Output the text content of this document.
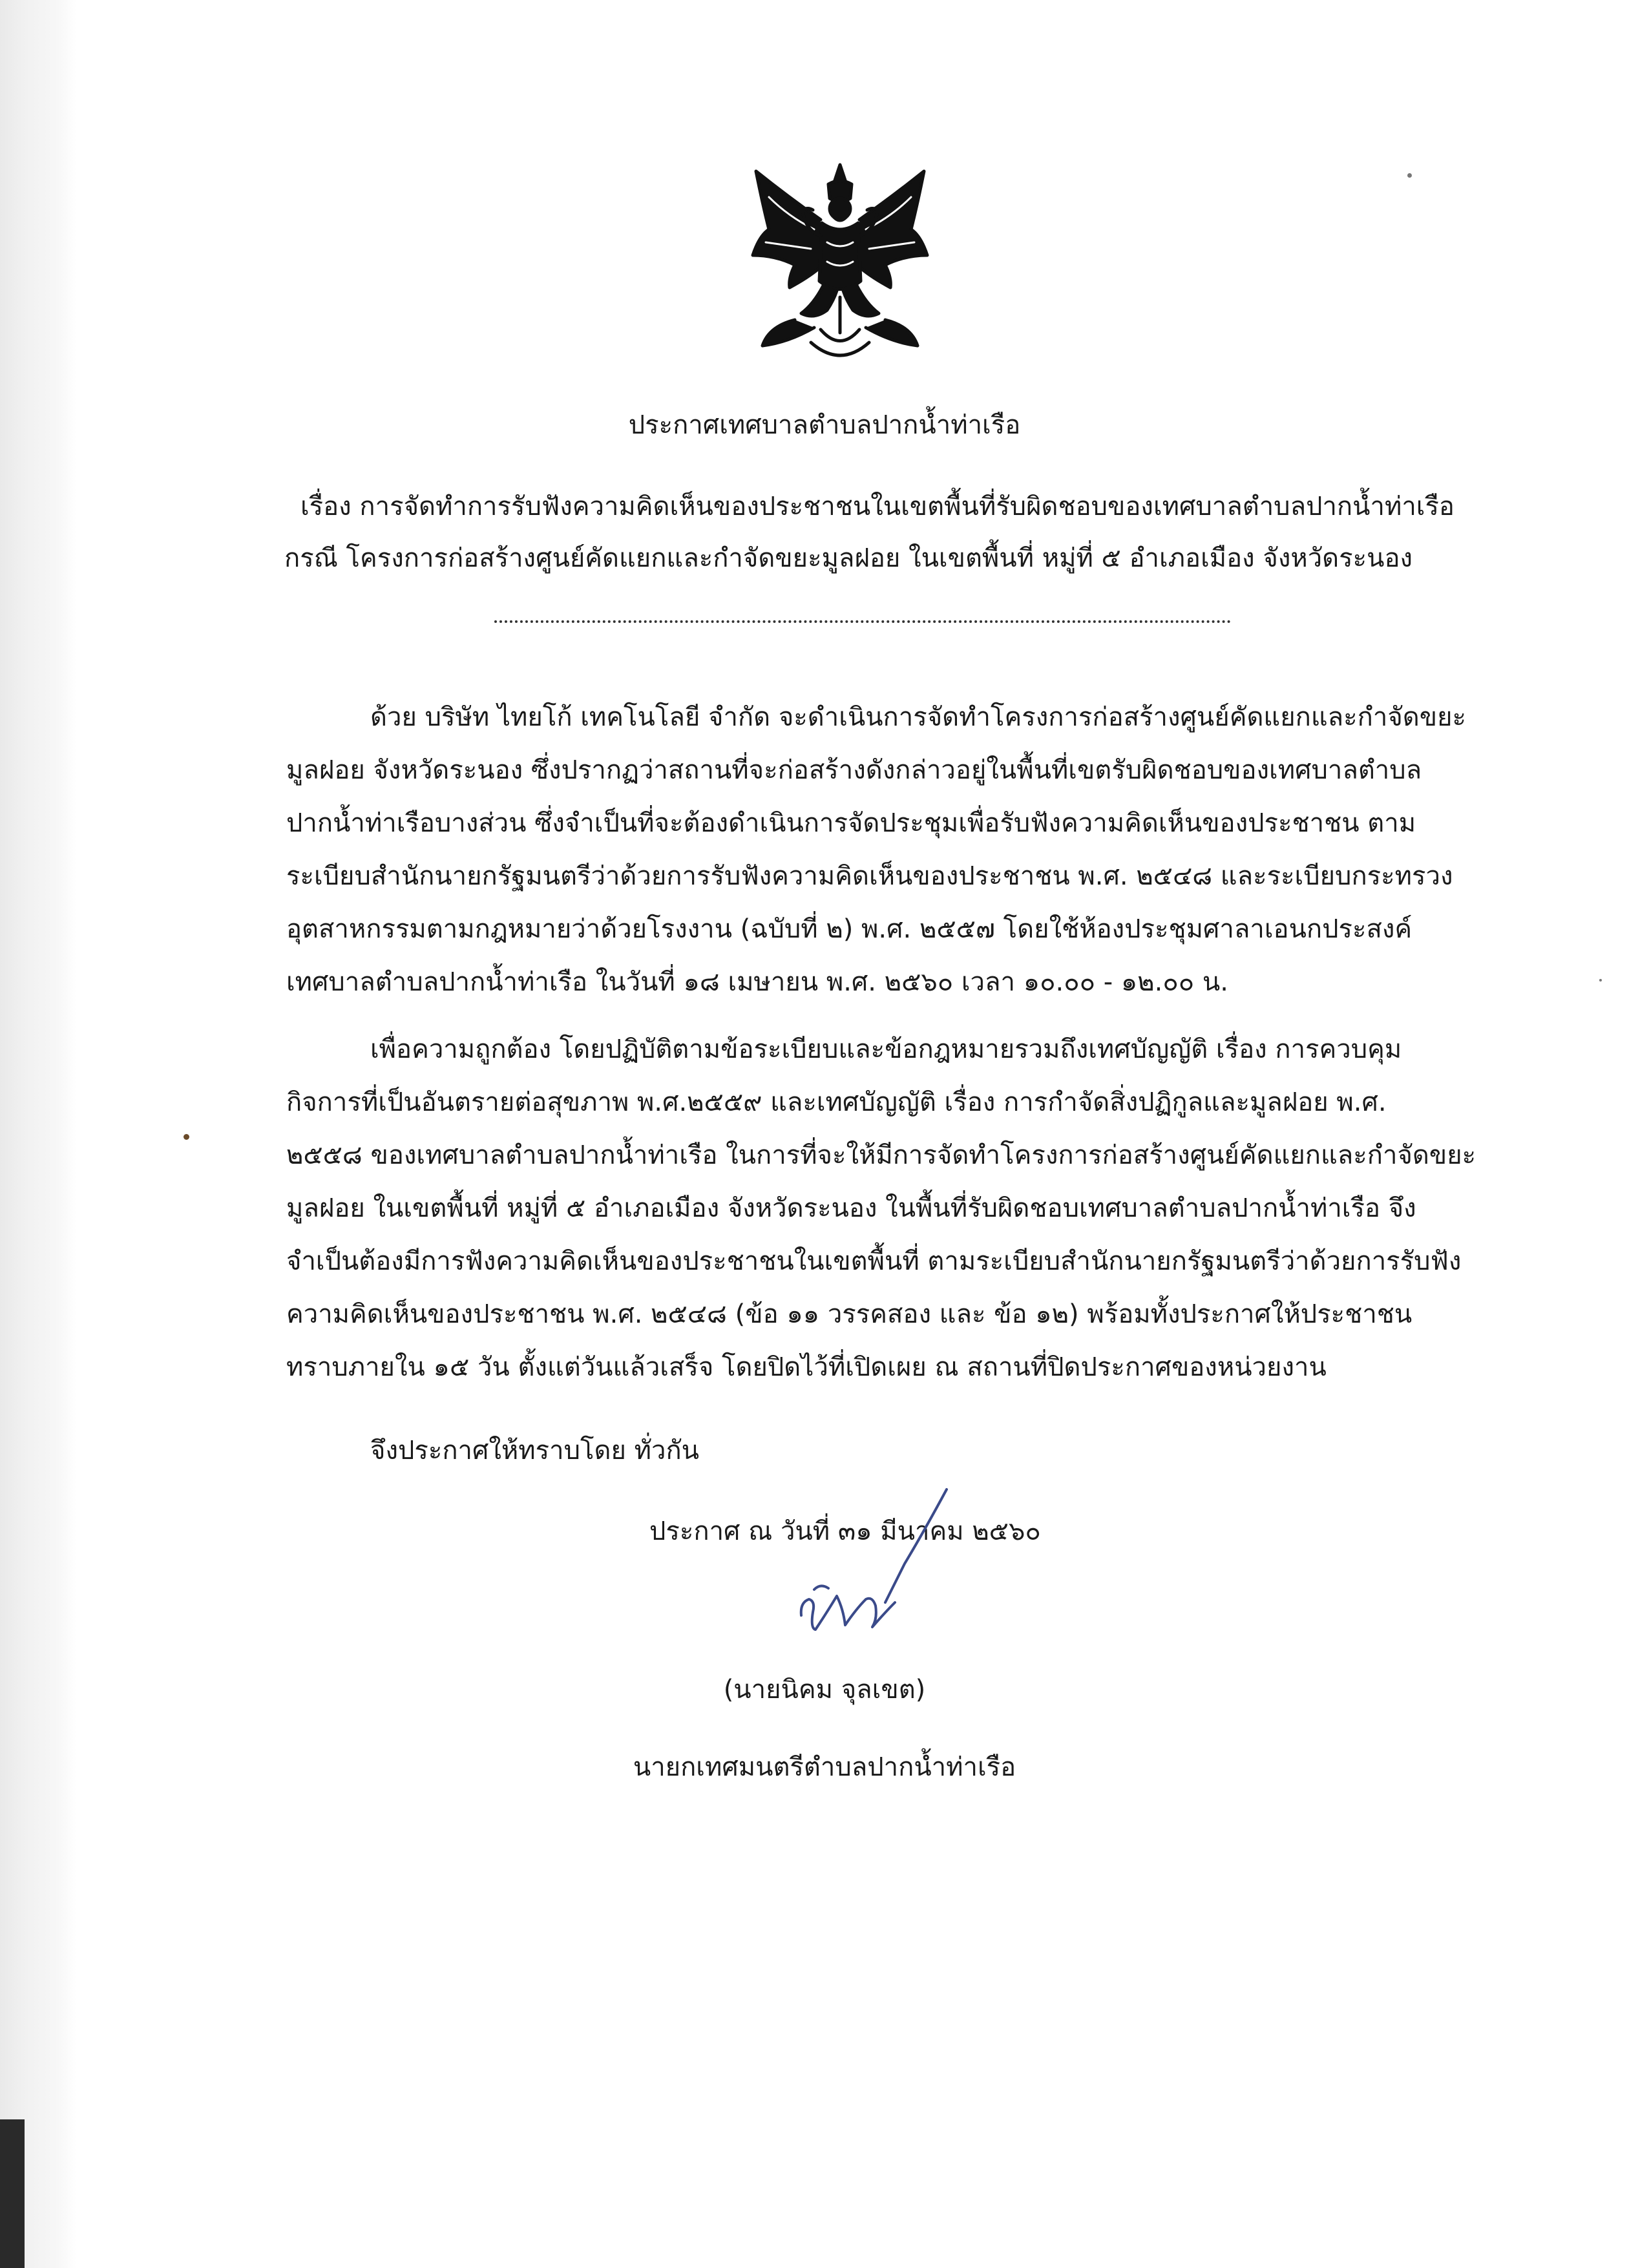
ประกาศเทศบาลตำบลปากน้ำท่าเรือ
เรื่อง การจัดทำการรับฟังความคิดเห็นของประชาชนในเขตพื้นที่รับผิดชอบของเทศบาลตำบลปากน้ำท่าเรือ
กรณี โครงการก่อสร้างศูนย์คัดแยกและกำจัดขยะมูลฝอย ในเขตพื้นที่ หมู่ที่ ๕ อำเภอเมือง จังหวัดระนอง
ด้วย บริษัท ไทยโก้ เทคโนโลยี จำกัด จะดำเนินการจัดทำโครงการก่อสร้างศูนย์คัดแยกและกำจัดขยะ
มูลฝอย จังหวัดระนอง ซึ่งปรากฏว่าสถานที่จะก่อสร้างดังกล่าวอยู่ในพื้นที่เขตรับผิดชอบของเทศบาลตำบล
ปากน้ำท่าเรือบางส่วน ซึ่งจำเป็นที่จะต้องดำเนินการจัดประชุมเพื่อรับฟังความคิดเห็นของประชาชน ตาม
ระเบียบสำนักนายกรัฐมนตรีว่าด้วยการรับฟังความคิดเห็นของประชาชน พ.ศ. ๒๕๔๘ และระเบียบกระทรวง
อุตสาหกรรมตามกฎหมายว่าด้วยโรงงาน (ฉบับที่ ๒) พ.ศ. ๒๕๕๗ โดยใช้ห้องประชุมศาลาเอนกประสงค์
เทศบาลตำบลปากน้ำท่าเรือ ในวันที่ ๑๘ เมษายน พ.ศ. ๒๕๖๐ เวลา ๑๐.๐๐ - ๑๒.๐๐ น.
เพื่อความถูกต้อง โดยปฏิบัติตามข้อระเบียบและข้อกฎหมายรวมถึงเทศบัญญัติ เรื่อง การควบคุม
กิจการที่เป็นอันตรายต่อสุขภาพ พ.ศ.๒๕๕๙ และเทศบัญญัติ เรื่อง การกำจัดสิ่งปฏิกูลและมูลฝอย พ.ศ.
๒๕๕๘ ของเทศบาลตำบลปากน้ำท่าเรือ ในการที่จะให้มีการจัดทำโครงการก่อสร้างศูนย์คัดแยกและกำจัดขยะ
มูลฝอย ในเขตพื้นที่ หมู่ที่ ๕ อำเภอเมือง จังหวัดระนอง ในพื้นที่รับผิดชอบเทศบาลตำบลปากน้ำท่าเรือ จึง
จำเป็นต้องมีการฟังความคิดเห็นของประชาชนในเขตพื้นที่ ตามระเบียบสำนักนายกรัฐมนตรีว่าด้วยการรับฟัง
ความคิดเห็นของประชาชน พ.ศ. ๒๕๔๘ (ข้อ ๑๑ วรรคสอง และ ข้อ ๑๒) พร้อมทั้งประกาศให้ประชาชน
ทราบภายใน ๑๕ วัน ตั้งแต่วันแล้วเสร็จ โดยปิดไว้ที่เปิดเผย ณ สถานที่ปิดประกาศของหน่วยงาน
จึงประกาศให้ทราบโดย ทั่วกัน
ประกาศ ณ วันที่ ๓๑ มีนาคม ๒๕๖๐
(นายนิคม จุลเขต)
นายกเทศมนตรีตำบลปากน้ำท่าเรือ
